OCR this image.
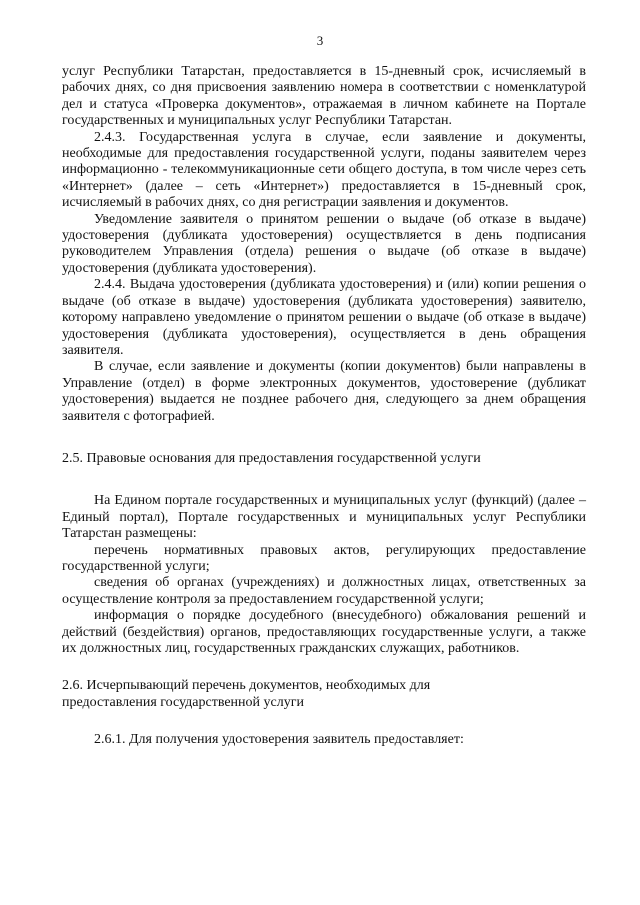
3

услуг Республики Татарстан, предоставляется в 15-дневный срок, исчисляемый в рабочих днях, со дня присвоения заявлению номера в соответствии с номенклатурой дел и статуса «Проверка документов», отражаемая в личном кабинете на Портале государственных и муниципальных услуг Республики Татарстан.

2.4.3. Государственная услуга в случае, если заявление и документы, необходимые для предоставления государственной услуги, поданы заявителем через информационно - телекоммуникационные сети общего доступа, в том числе через сеть «Интернет» (далее – сеть «Интернет») предоставляется в 15-дневный срок, исчисляемый в рабочих днях, со дня регистрации заявления и документов.

Уведомление заявителя о принятом решении о выдаче (об отказе в выдаче) удостоверения (дубликата удостоверения) осуществляется в день подписания руководителем Управления (отдела) решения о выдаче (об отказе в выдаче) удостоверения (дубликата удостоверения).

2.4.4. Выдача удостоверения (дубликата удостоверения) и (или) копии решения о выдаче (об отказе в выдаче) удостоверения (дубликата удостоверения) заявителю, которому направлено уведомление о принятом решении о выдаче (об отказе в выдаче) удостоверения (дубликата удостоверения), осуществляется в день обращения заявителя.

В случае, если заявление и документы (копии документов) были направлены в Управление (отдел) в форме электронных документов, удостоверение (дубликат удостоверения) выдается не позднее рабочего дня, следующего за днем обращения заявителя с фотографией.

2.5. Правовые основания для предоставления государственной услуги

На Едином портале государственных и муниципальных услуг (функций) (далее – Единый портал), Портале государственных и муниципальных услуг Республики Татарстан размещены:

перечень нормативных правовых актов, регулирующих предоставление государственной услуги;

сведения об органах (учреждениях) и должностных лицах, ответственных за осуществление контроля за предоставлением государственной услуги;

информация о порядке досудебного (внесудебного) обжалования решений и действий (бездействия) органов, предоставляющих государственные услуги, а также их должностных лиц, государственных гражданских служащих, работников.

2.6. Исчерпывающий перечень документов, необходимых для

предоставления государственной услуги

2.6.1. Для получения удостоверения заявитель предоставляет:
